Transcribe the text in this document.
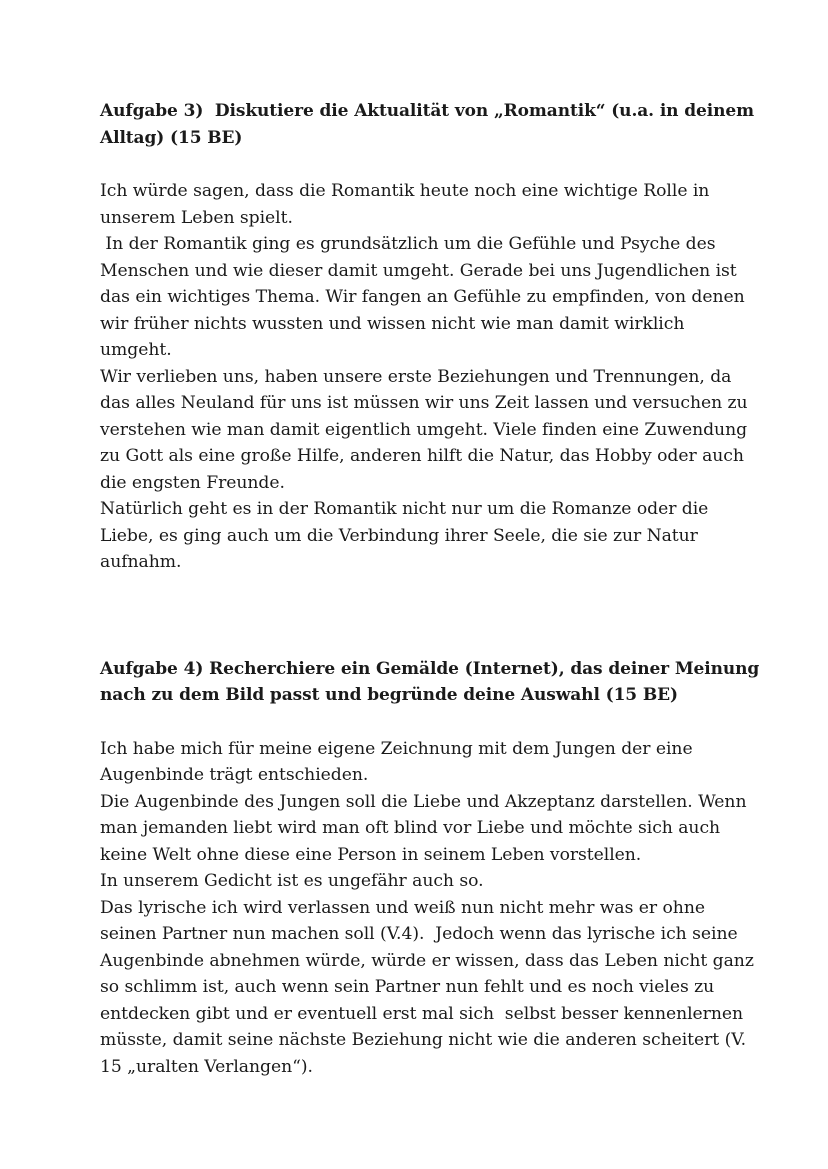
Aufgabe 3)  Diskutiere die Aktualität von „Romantik“ (u.a. in deinem
Alltag) (15 BE)

Ich würde sagen, dass die Romantik heute noch eine wichtige Rolle in
unserem Leben spielt.
In der Romantik ging es grundsätzlich um die Gefühle und Psyche des
Menschen und wie dieser damit umgeht. Gerade bei uns Jugendlichen ist
das ein wichtiges Thema. Wir fangen an Gefühle zu empfinden, von denen
wir früher nichts wussten und wissen nicht wie man damit wirklich
umgeht.
Wir verlieben uns, haben unsere erste Beziehungen und Trennungen, da
das alles Neuland für uns ist müssen wir uns Zeit lassen und versuchen zu
verstehen wie man damit eigentlich umgeht. Viele finden eine Zuwendung
zu Gott als eine große Hilfe, anderen hilft die Natur, das Hobby oder auch
die engsten Freunde.
Natürlich geht es in der Romantik nicht nur um die Romanze oder die
Liebe, es ging auch um die Verbindung ihrer Seele, die sie zur Natur
aufnahm.

Aufgabe 4) Recherchiere ein Gemälde (Internet), das deiner Meinung
nach zu dem Bild passt und begründe deine Auswahl (15 BE)

Ich habe mich für meine eigene Zeichnung mit dem Jungen der eine
Augenbinde trägt entschieden.
Die Augenbinde des Jungen soll die Liebe und Akzeptanz darstellen. Wenn
man jemanden liebt wird man oft blind vor Liebe und möchte sich auch
keine Welt ohne diese eine Person in seinem Leben vorstellen.
In unserem Gedicht ist es ungefähr auch so.
Das lyrische ich wird verlassen und weiß nun nicht mehr was er ohne
seinen Partner nun machen soll (V.4).  Jedoch wenn das lyrische ich seine
Augenbinde abnehmen würde, würde er wissen, dass das Leben nicht ganz
so schlimm ist, auch wenn sein Partner nun fehlt und es noch vieles zu
entdecken gibt und er eventuell erst mal sich  selbst besser kennenlernen
müsste, damit seine nächste Beziehung nicht wie die anderen scheitert (V.
15 „uralten Verlangen“).
